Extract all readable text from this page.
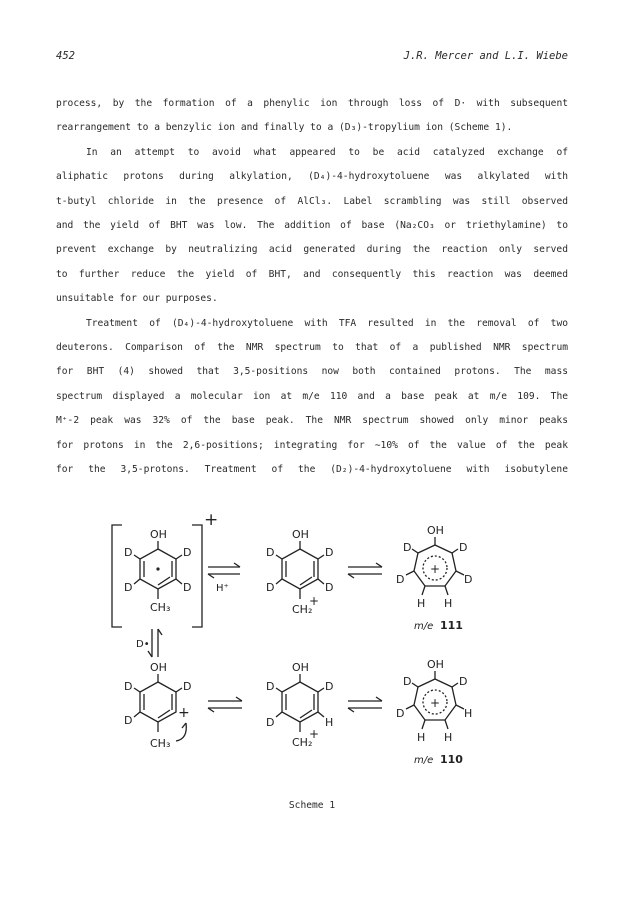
452	J.R. Mercer and L.I. Wiebe
process, by the formation of a phenylic ion through loss of D· with subsequent
rearrangement to a benzylic ion and finally to a (D₃)-tropylium ion (Scheme 1).
In an attempt to avoid what appeared to be acid catalyzed exchange of
aliphatic protons during alkylation, (D₄)-4-hydroxytoluene was alkylated with
t-butyl chloride in the presence of AlCl₃. Label scrambling was still observed
and the yield of BHT was low. The addition of base (Na₂CO₃ or triethylamine) to
prevent exchange by neutralizing acid generated during the reaction only served
to further reduce the yield of BHT, and consequently this reaction was deemed
unsuitable for our purposes.
Treatment of (D₄)-4-hydroxytoluene with TFA resulted in the removal of two
deuterons. Comparison of the NMR spectrum to that of a published NMR spectrum
for BHT (4) showed that 3,5-positions now both contained protons. The mass
spectrum displayed a molecular ion at m/e 110 and a base peak at m/e 109. The
M⁺-2 peak was 32% of the base peak. The NMR spectrum showed only minor peaks
for protons in the 2,6-positions; integrating for ∼10% of the value of the peak
for the 3,5-protons. Treatment of the (D₂)-4-hydroxytoluene with isobutylene
+
OH
D
D
D
D
CH₃
H⁺
OH
D
D
D
D
CH₂
+
+
OH
D
D
D
D
H H
m/e 111
D•
OH
D
D
D	+
CH₃
OH
D
H
D
D
CH₂
+
+
OH
D
H
D
D
H H
m/e 110
Scheme 1
